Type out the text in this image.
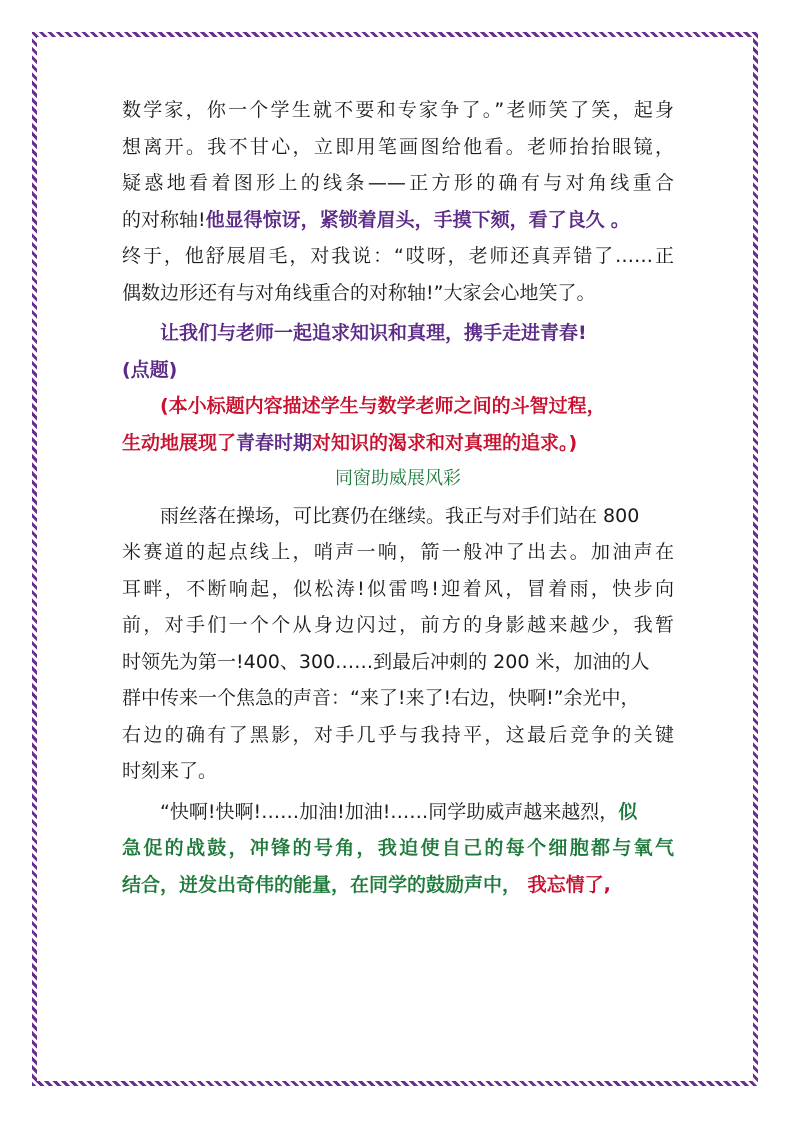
数学家，你一个学生就不要和专家争了。”老师笑了笑，起身
想离开。我不甘心，立即用笔画图给他看。老师抬抬眼镜，
疑惑地看着图形上的线条——正方形的确有与对角线重合
的对称轴!他显得惊讶，紧锁着眉头，手摸下颏，看了良久 。
终于，他舒展眉毛，对我说：“哎呀，老师还真弄错了……正
偶数边形还有与对角线重合的对称轴!”大家会心地笑了。
让我们与老师一起追求知识和真理，携手走进青春!
(点题)
(本小标题内容描述学生与数学老师之间的斗智过程，
生动地展现了青春时期对知识的渴求和对真理的追求。)
同窗助威展风彩
雨丝落在操场，可比赛仍在继续。我正与对手们站在 800
米赛道的起点线上，哨声一响，箭一般冲了出去。加油声在
耳畔，不断响起，似松涛!似雷鸣!迎着风，冒着雨，快步向
前，对手们一个个从身边闪过，前方的身影越来越少，我暂
时领先为第一!400、300……到最后冲刺的 200 米，加油的人
群中传来一个焦急的声音：“来了!来了!右边，快啊!”余光中，
右边的确有了黑影，对手几乎与我持平，这最后竞争的关键
时刻来了。
“快啊!快啊!……加油!加油!……同学助威声越来越烈，似
急促的战鼓，冲锋的号角，我迫使自己的每个细胞都与氧气
结合，迸发出奇伟的能量，在同学的鼓励声中， 我忘情了,
